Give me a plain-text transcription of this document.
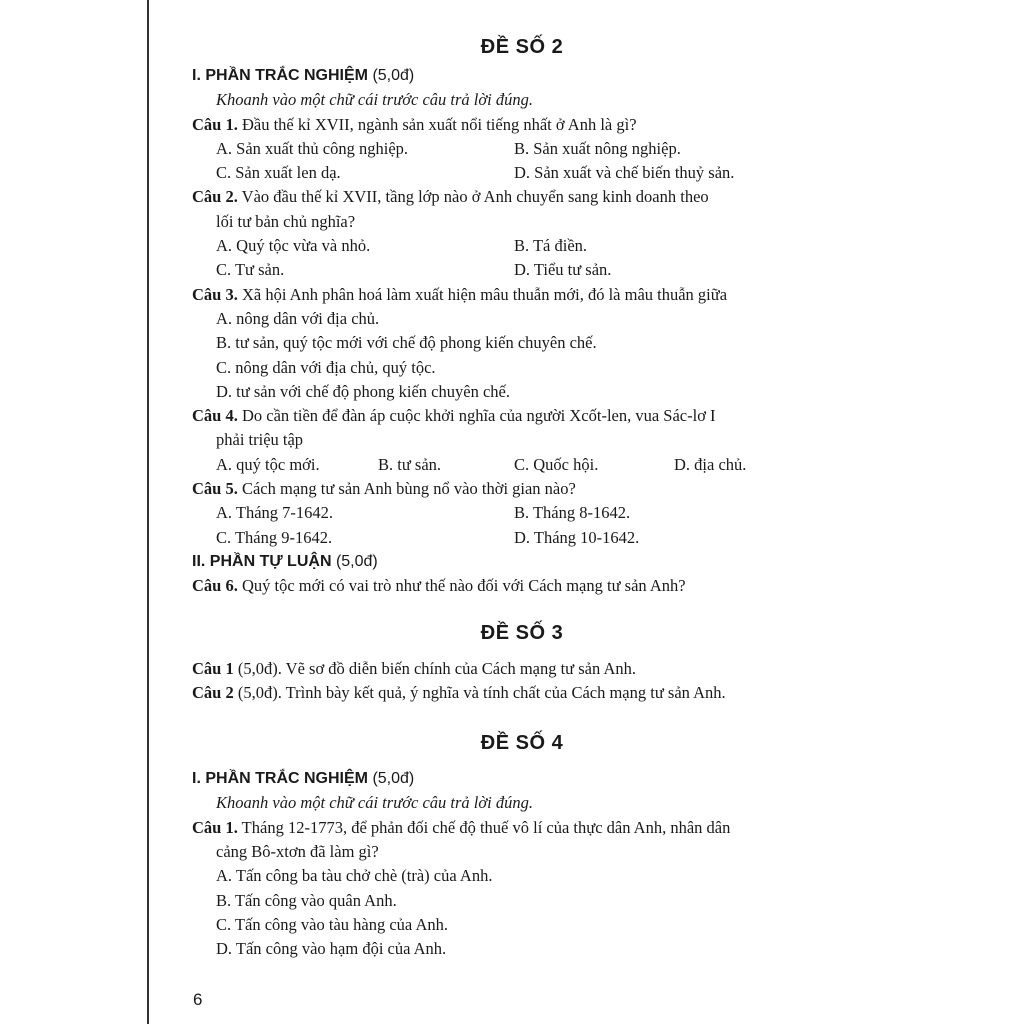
ĐỀ SỐ 2
I. PHẦN TRẮC NGHIỆM (5,0đ)
Khoanh vào một chữ cái trước câu trả lời đúng.
Câu 1. Đầu thế kỉ XVII, ngành sản xuất nổi tiếng nhất ở Anh là gì?
A. Sản xuất thủ công nghiệp.	B. Sản xuất nông nghiệp.
C. Sản xuất len dạ.	D. Sản xuất và chế biến thuỷ sản.
Câu 2. Vào đầu thế kỉ XVII, tầng lớp nào ở Anh chuyển sang kinh doanh theo
lối tư bản chủ nghĩa?
A. Quý tộc vừa và nhỏ.	B. Tá điền.
C. Tư sản.	D. Tiểu tư sản.
Câu 3. Xã hội Anh phân hoá làm xuất hiện mâu thuẫn mới, đó là mâu thuẫn giữa
A. nông dân với địa chủ.
B. tư sản, quý tộc mới với chế độ phong kiến chuyên chế.
C. nông dân với địa chủ, quý tộc.
D. tư sản với chế độ phong kiến chuyên chế.
Câu 4. Do cần tiền để đàn áp cuộc khởi nghĩa của người Xcốt-len, vua Sác-lơ I
phải triệu tập
A. quý tộc mới.	B. tư sản.	C. Quốc hội.	D. địa chủ.
Câu 5. Cách mạng tư sản Anh bùng nổ vào thời gian nào?
A. Tháng 7-1642.	B. Tháng 8-1642.
C. Tháng 9-1642.	D. Tháng 10-1642.
II. PHẦN TỰ LUẬN (5,0đ)
Câu 6. Quý tộc mới có vai trò như thế nào đối với Cách mạng tư sản Anh?
ĐỀ SỐ 3
Câu 1 (5,0đ). Vẽ sơ đồ diễn biến chính của Cách mạng tư sản Anh.
Câu 2 (5,0đ). Trình bày kết quả, ý nghĩa và tính chất của Cách mạng tư sản Anh.
ĐỀ SỐ 4
I. PHẦN TRẮC NGHIỆM (5,0đ)
Khoanh vào một chữ cái trước câu trả lời đúng.
Câu 1. Tháng 12-1773, để phản đối chế độ thuế vô lí của thực dân Anh, nhân dân
cảng Bô-xtơn đã làm gì?
A. Tấn công ba tàu chở chè (trà) của Anh.
B. Tấn công vào quân Anh.
C. Tấn công vào tàu hàng của Anh.
D. Tấn công vào hạm đội của Anh.
6
